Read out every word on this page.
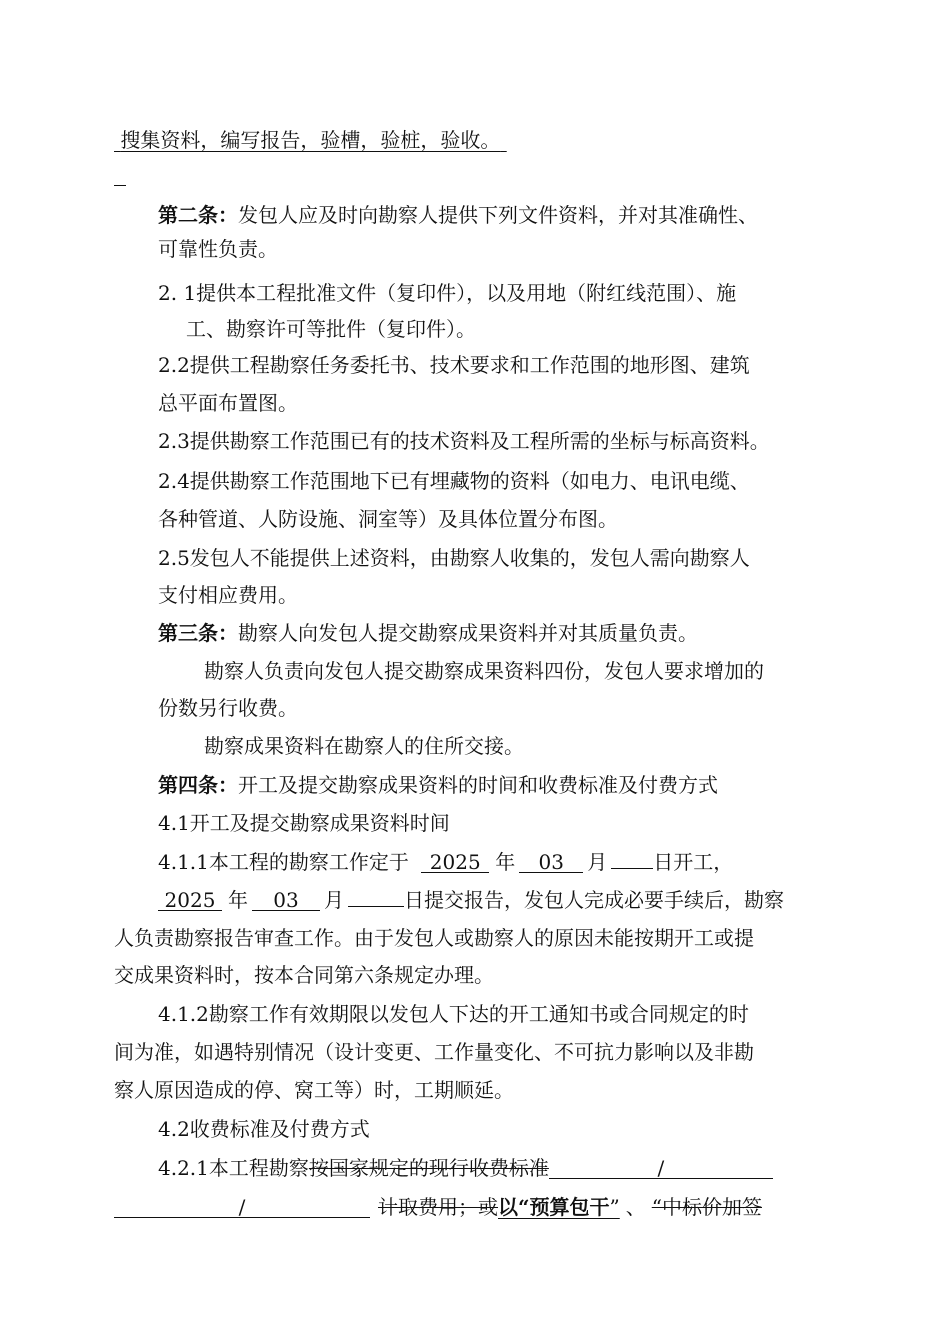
搜集资料，编写报告，验槽，验桩，验收。
第二条：发包人应及时向勘察人提供下列文件资料，并对其准确性、
可靠性负责。
2. 1提供本工程批准文件（复印件），以及用地（附红线范围）、施
工、勘察许可等批件（复印件）。
2.2提供工程勘察任务委托书、技术要求和工作范围的地形图、建筑
总平面布置图。
2.3提供勘察工作范围已有的技术资料及工程所需的坐标与标高资料。
2.4提供勘察工作范围地下已有埋藏物的资料（如电力、电讯电缆、
各种管道、人防设施、洞室等）及具体位置分布图。
2.5发包人不能提供上述资料，由勘察人收集的，发包人需向勘察人
支付相应费用。
第三条：勘察人向发包人提交勘察成果资料并对其质量负责。
勘察人负责向发包人提交勘察成果资料四份，发包人要求增加的
份数另行收费。
勘察成果资料在勘察人的住所交接。
第四条：开工及提交勘察成果资料的时间和收费标准及付费方式
4.1开工及提交勘察成果资料时间
4.1.1本工程的勘察工作定于 2025 年 03 月 日开工，
2025 年 03 月	日提交报告，发包人完成必要手续后，勘察
人负责勘察报告审查工作。由于发包人或勘察人的原因未能按期开工或提
交成果资料时，按本合同第六条规定办理。
4.1.2勘察工作有效期限以发包人下达的开工通知书或合同规定的时
间为准，如遇特别情况（设计变更、工作量变化、不可抗力影响以及非勘
察人原因造成的停、窝工等）时，工期顺延。
4.2收费标准及付费方式
4.2.1本工程勘察按国家规定的现行收费标准	/
/	计取费用；或以“预算包干” 、 “中标价加签
